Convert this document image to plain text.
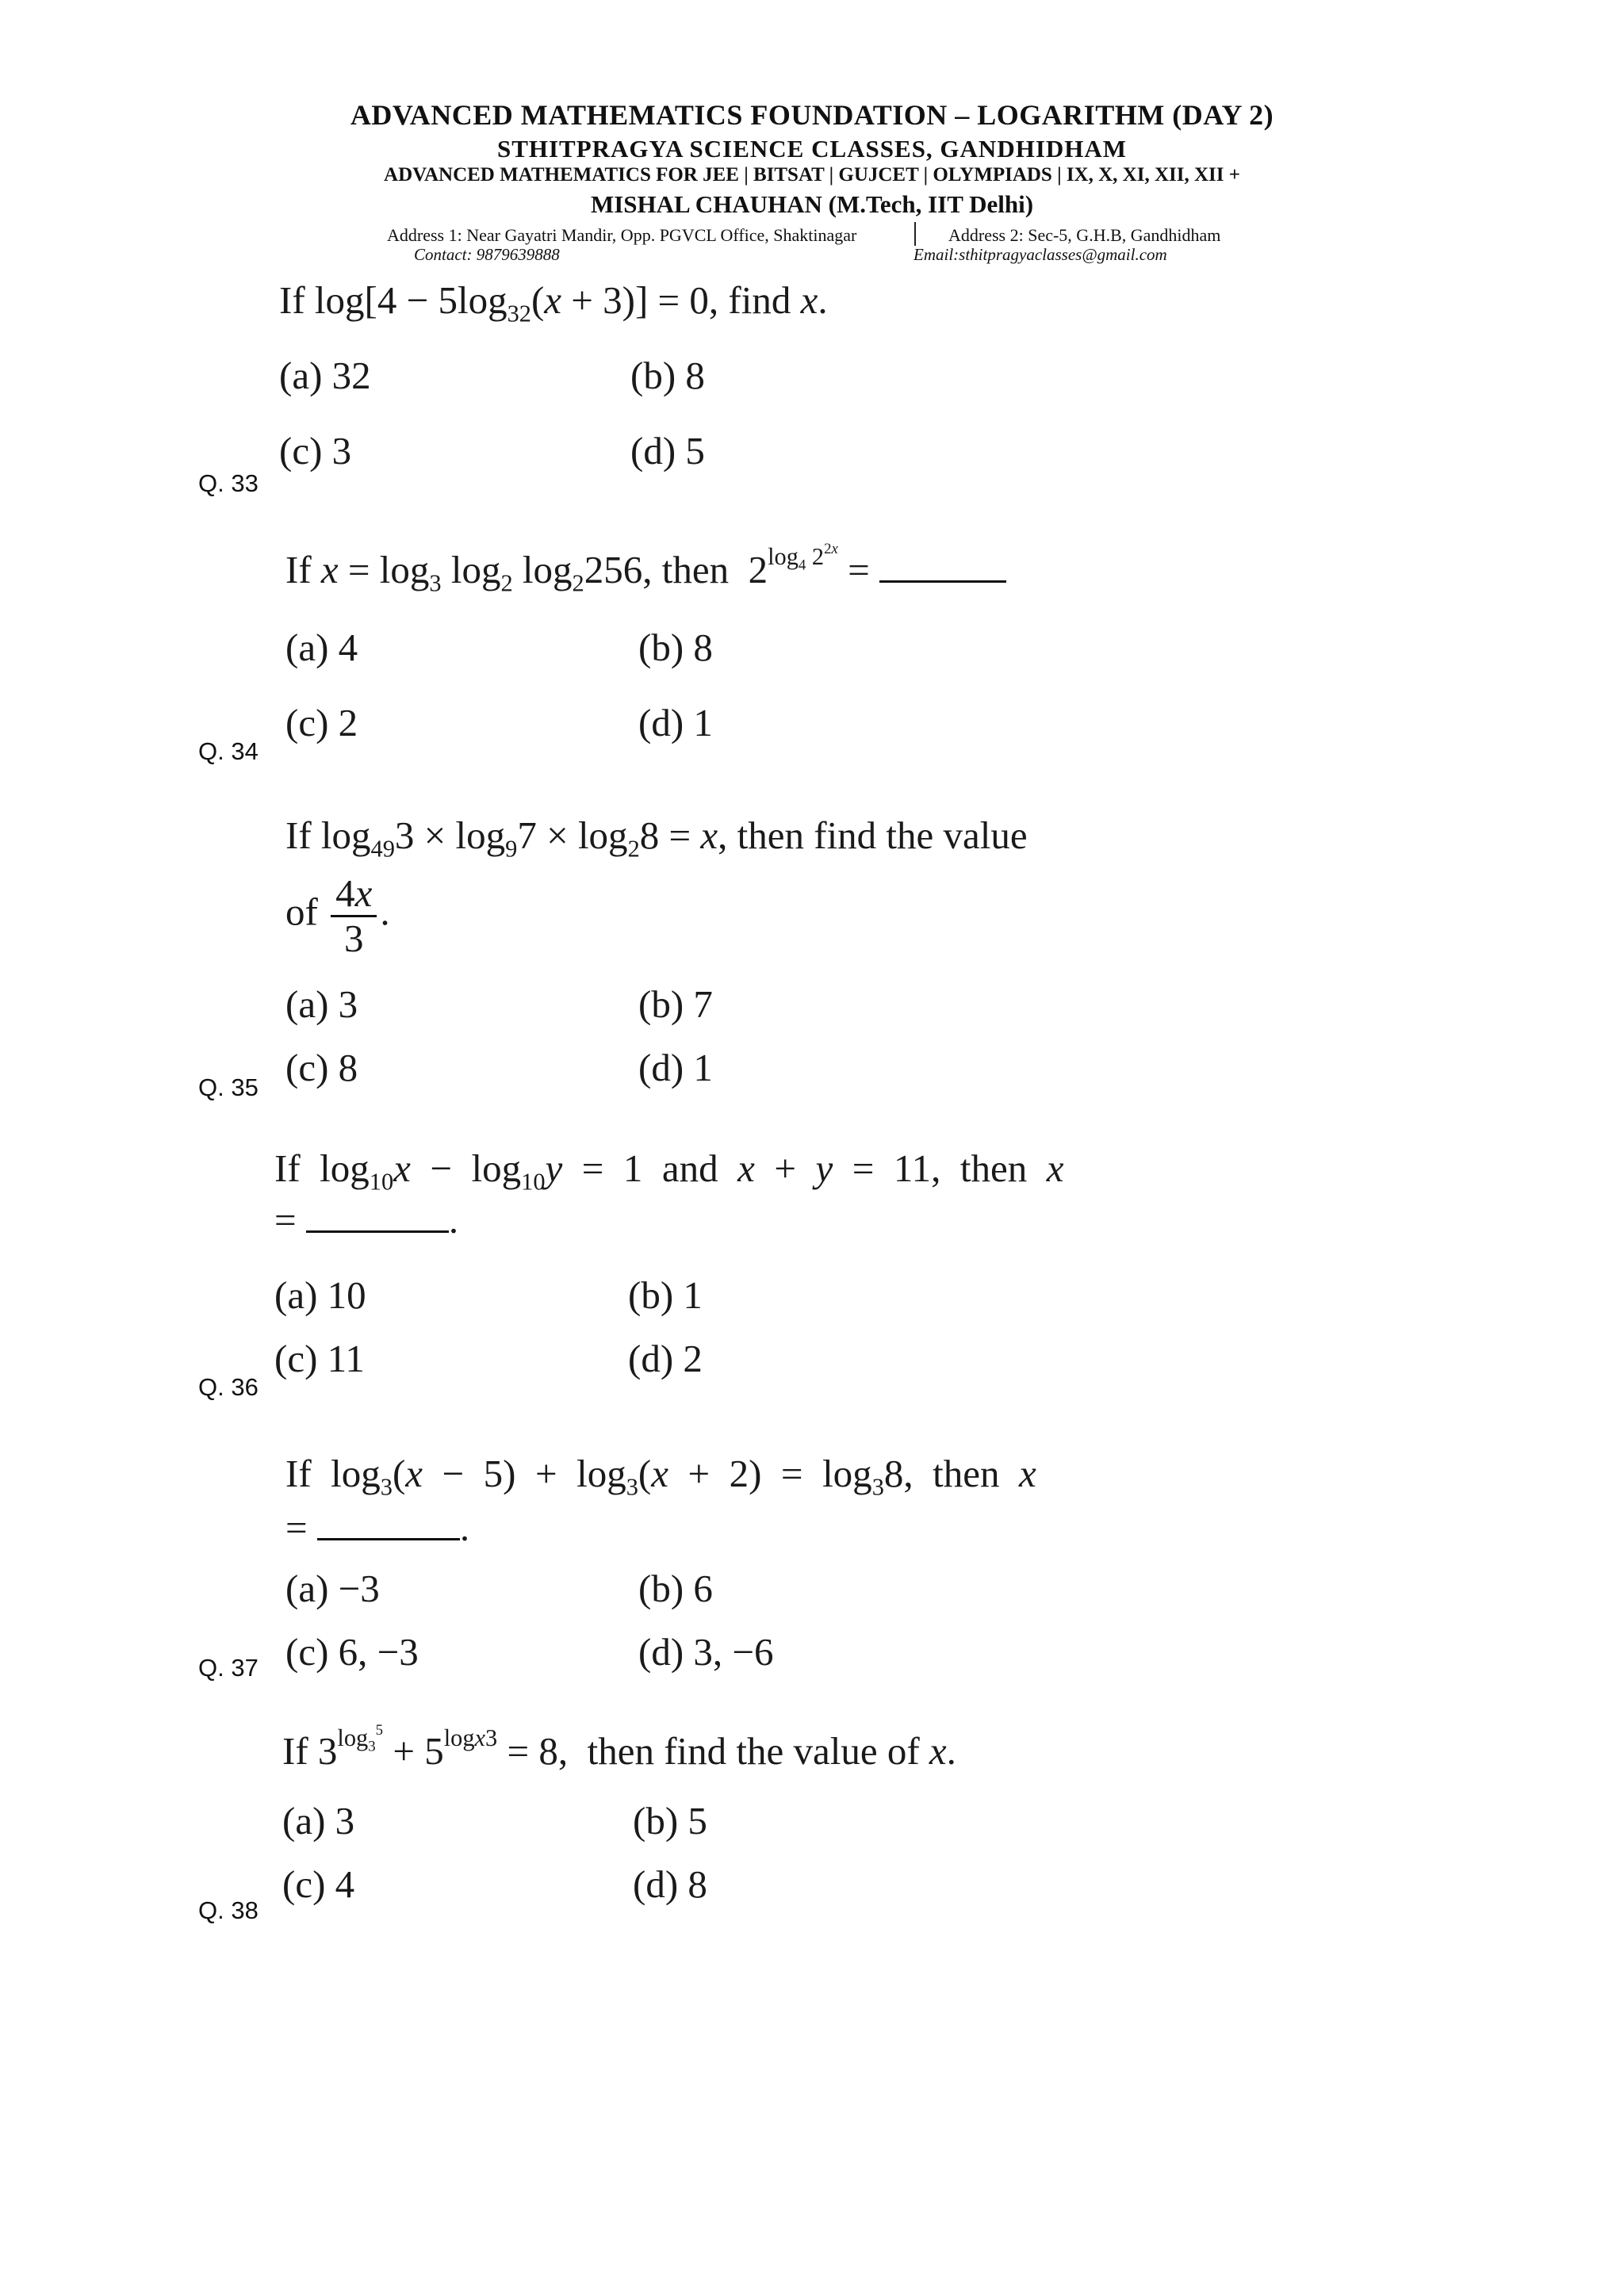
ADVANCED MATHEMATICS FOUNDATION – LOGARITHM (DAY 2)
STHITPRAGYA SCIENCE CLASSES, GANDHIDHAM
ADVANCED MATHEMATICS FOR JEE | BITSAT | GUJCET | OLYMPIADS | IX, X, XI, XII, XII +
MISHAL CHAUHAN (M.Tech, IIT Delhi)
Address 1: Near Gayatri Mandir, Opp. PGVCL Office, Shaktinagar	Address 2: Sec-5, G.H.B, Gandhidham
Contact: 9879639888	Email:sthitpragyaclasses@gmail.com
If $\log[4 - 5\log_{32}(x + 3)] = 0$, find x.
(a) 32	(b) 8
(c) 3	(d) 5
Q. 33
If $x = \log_3 \log_2 \log_2256$, then  $2^{log_4 2^{2x}}$ =
(a) 4	(b) 8
(c) 2	(d) 1
Q. 34
If $\log_{49}3 \times \log_97 \times \log_28 = x$, then find the value
of $\frac{4x}{3}$ .
(a) 3	(b) 7
(c) 8	(d) 1
Q. 35
If  $\log_{10}x - \log_{10}y = 1$  and  x  +  y  =  11,  then  x
=	.
(a) 10	(b) 1
(c) 11	(d) 2
Q. 36
If  $\log_3(x - 5) + \log_3(x + 2) = \log_38$,  then  x
=	.
(a) −3	(b) 6
(c) 6, −3	(d) 3, −6
Q. 37
If $3^{log_3^5} + 5^{logx3} = 8$,  then find the value of x.
(a) 3	(b) 5
(c) 4	(d) 8
Q. 38
